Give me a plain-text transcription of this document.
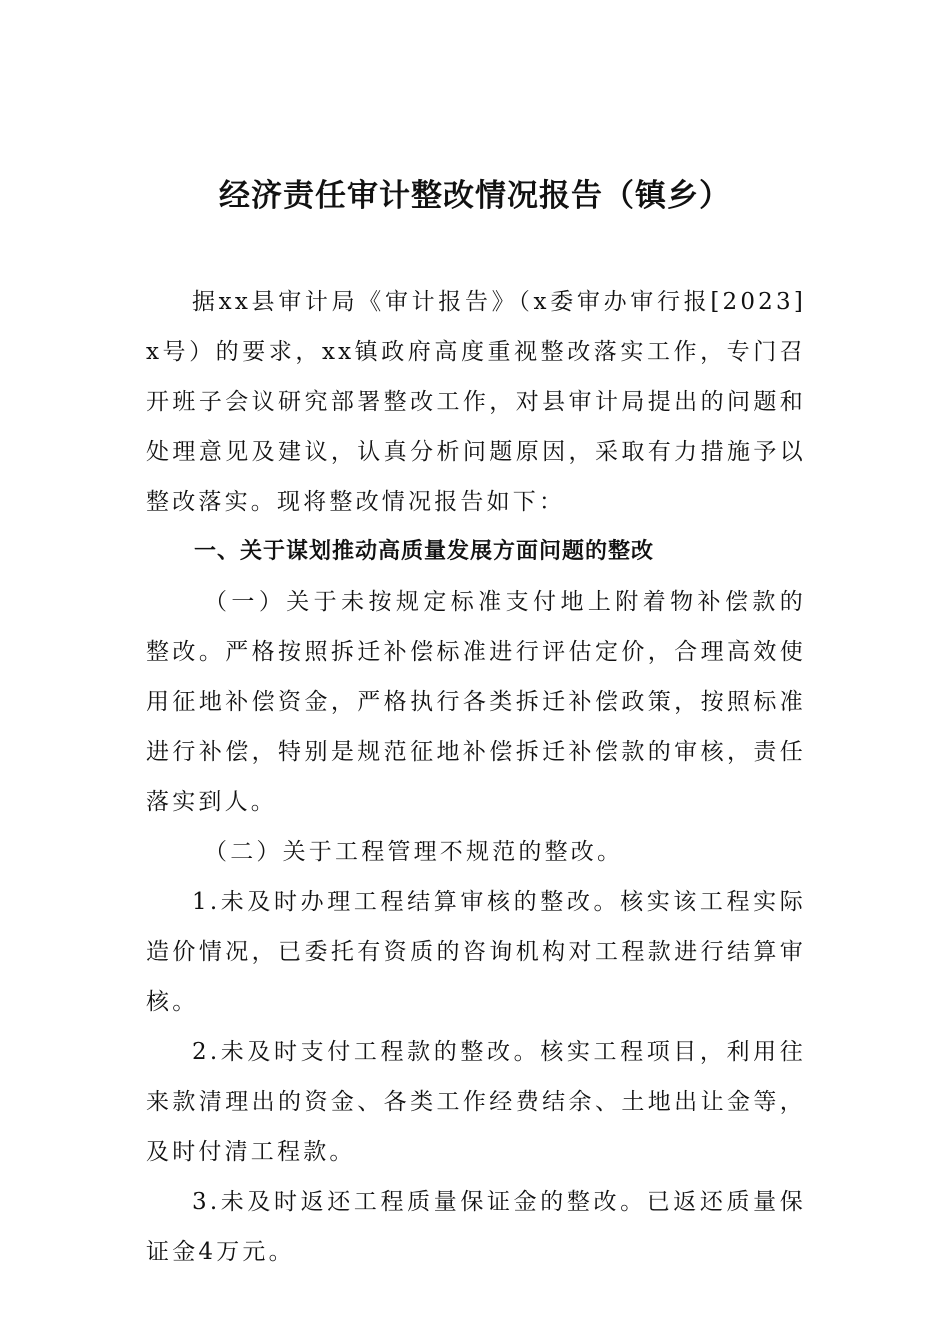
经济责任审计整改情况报告（镇乡）

据xx县审计局《审计报告》（x委审办审行报[2023]x号）的要求，xx镇政府高度重视整改落实工作，专门召开班子会议研究部署整改工作，对县审计局提出的问题和处理意见及建议，认真分析问题原因，采取有力措施予以整改落实。现将整改情况报告如下：

一、关于谋划推动高质量发展方面问题的整改

（一）关于未按规定标准支付地上附着物补偿款的整改。严格按照拆迁补偿标准进行评估定价，合理高效使用征地补偿资金，严格执行各类拆迁补偿政策，按照标准进行补偿，特别是规范征地补偿拆迁补偿款的审核，责任落实到人。

（二）关于工程管理不规范的整改。

1.未及时办理工程结算审核的整改。核实该工程实际造价情况，已委托有资质的咨询机构对工程款进行结算审核。

2.未及时支付工程款的整改。核实工程项目，利用往来款清理出的资金、各类工作经费结余、土地出让金等，及时付清工程款。

3.未及时返还工程质量保证金的整改。已返还质量保证金4万元。
